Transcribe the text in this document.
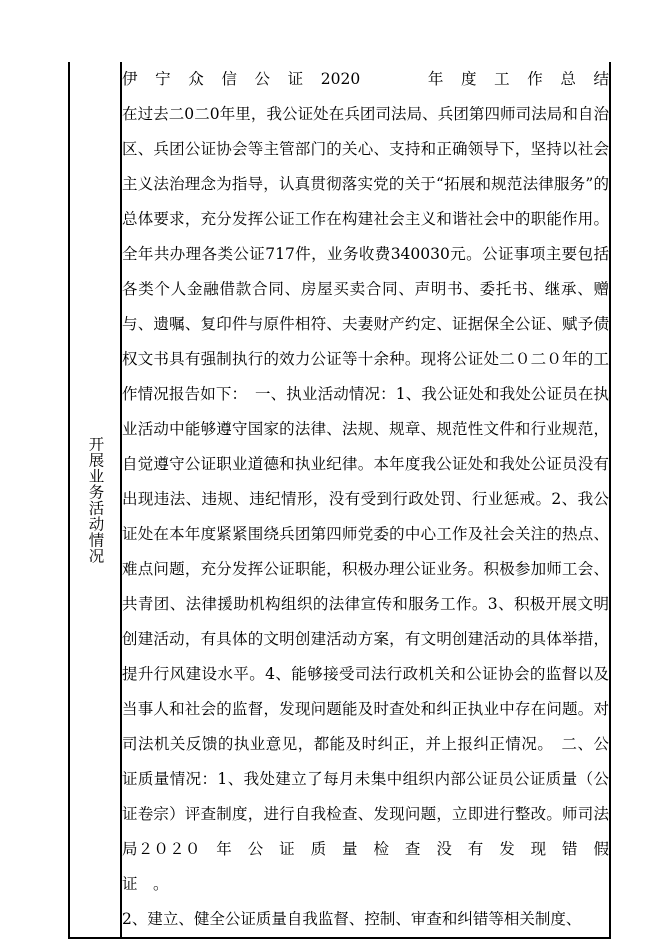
开展业务活动情况

伊 宁 众 信 公 证 2020      年 度 工 作 总 结

在过去二0二0年里，我公证处在兵团司法局、兵团第四师司法局和自治区、兵团公证协会等主管部门的关心、支持和正确领导下，坚持以社会主义法治理念为指导，认真贯彻落实党的关于“拓展和规范法律服务”的总体要求，充分发挥公证工作在构建社会主义和谐社会中的职能作用。全年共办理各类公证717件，业务收费340030元。公证事项主要包括各类个人金融借款合同、房屋买卖合同、声明书、委托书、继承、赠与、遗嘱、复印件与原件相符、夫妻财产约定、证据保全公证、赋予债权文书具有强制执行的效力公证等十余种。现将公证处二０二０年的工作情况报告如下：　一、执业活动情况：1、我公证处和我处公证员在执业活动中能够遵守国家的法律、法规、规章、规范性文件和行业规范，自觉遵守公证职业道德和执业纪律。本年度我公证处和我处公证员没有出现违法、违规、违纪情形，没有受到行政处罚、行业惩戒。2、我公证处在本年度紧紧围绕兵团第四师党委的中心工作及社会关注的热点、难点问题，充分发挥公证职能，积极办理公证业务。积极参加师工会、共青团、法律援助机构组织的法律宣传和服务工作。3、积极开展文明创建活动，有具体的文明创建活动方案，有文明创建活动的具体举措，提升行风建设水平。4、能够接受司法行政机关和公证协会的监督以及当事人和社会的监督，发现问题能及时查处和纠正执业中存在问题。对司法机关反馈的执业意见，都能及时纠正，并上报纠正情况。　二、公证质量情况：1、我处建立了每月未集中组织内部公证员公证质量（公证卷宗）评查制度，进行自我检查、发现问题，立即进行整改。师司法局２０２０　年　公　证　质　量　检　查　没　有　发　现　错　假　证　。

2、建立、健全公证质量自我监督、控制、审查和纠错等相关制度、
